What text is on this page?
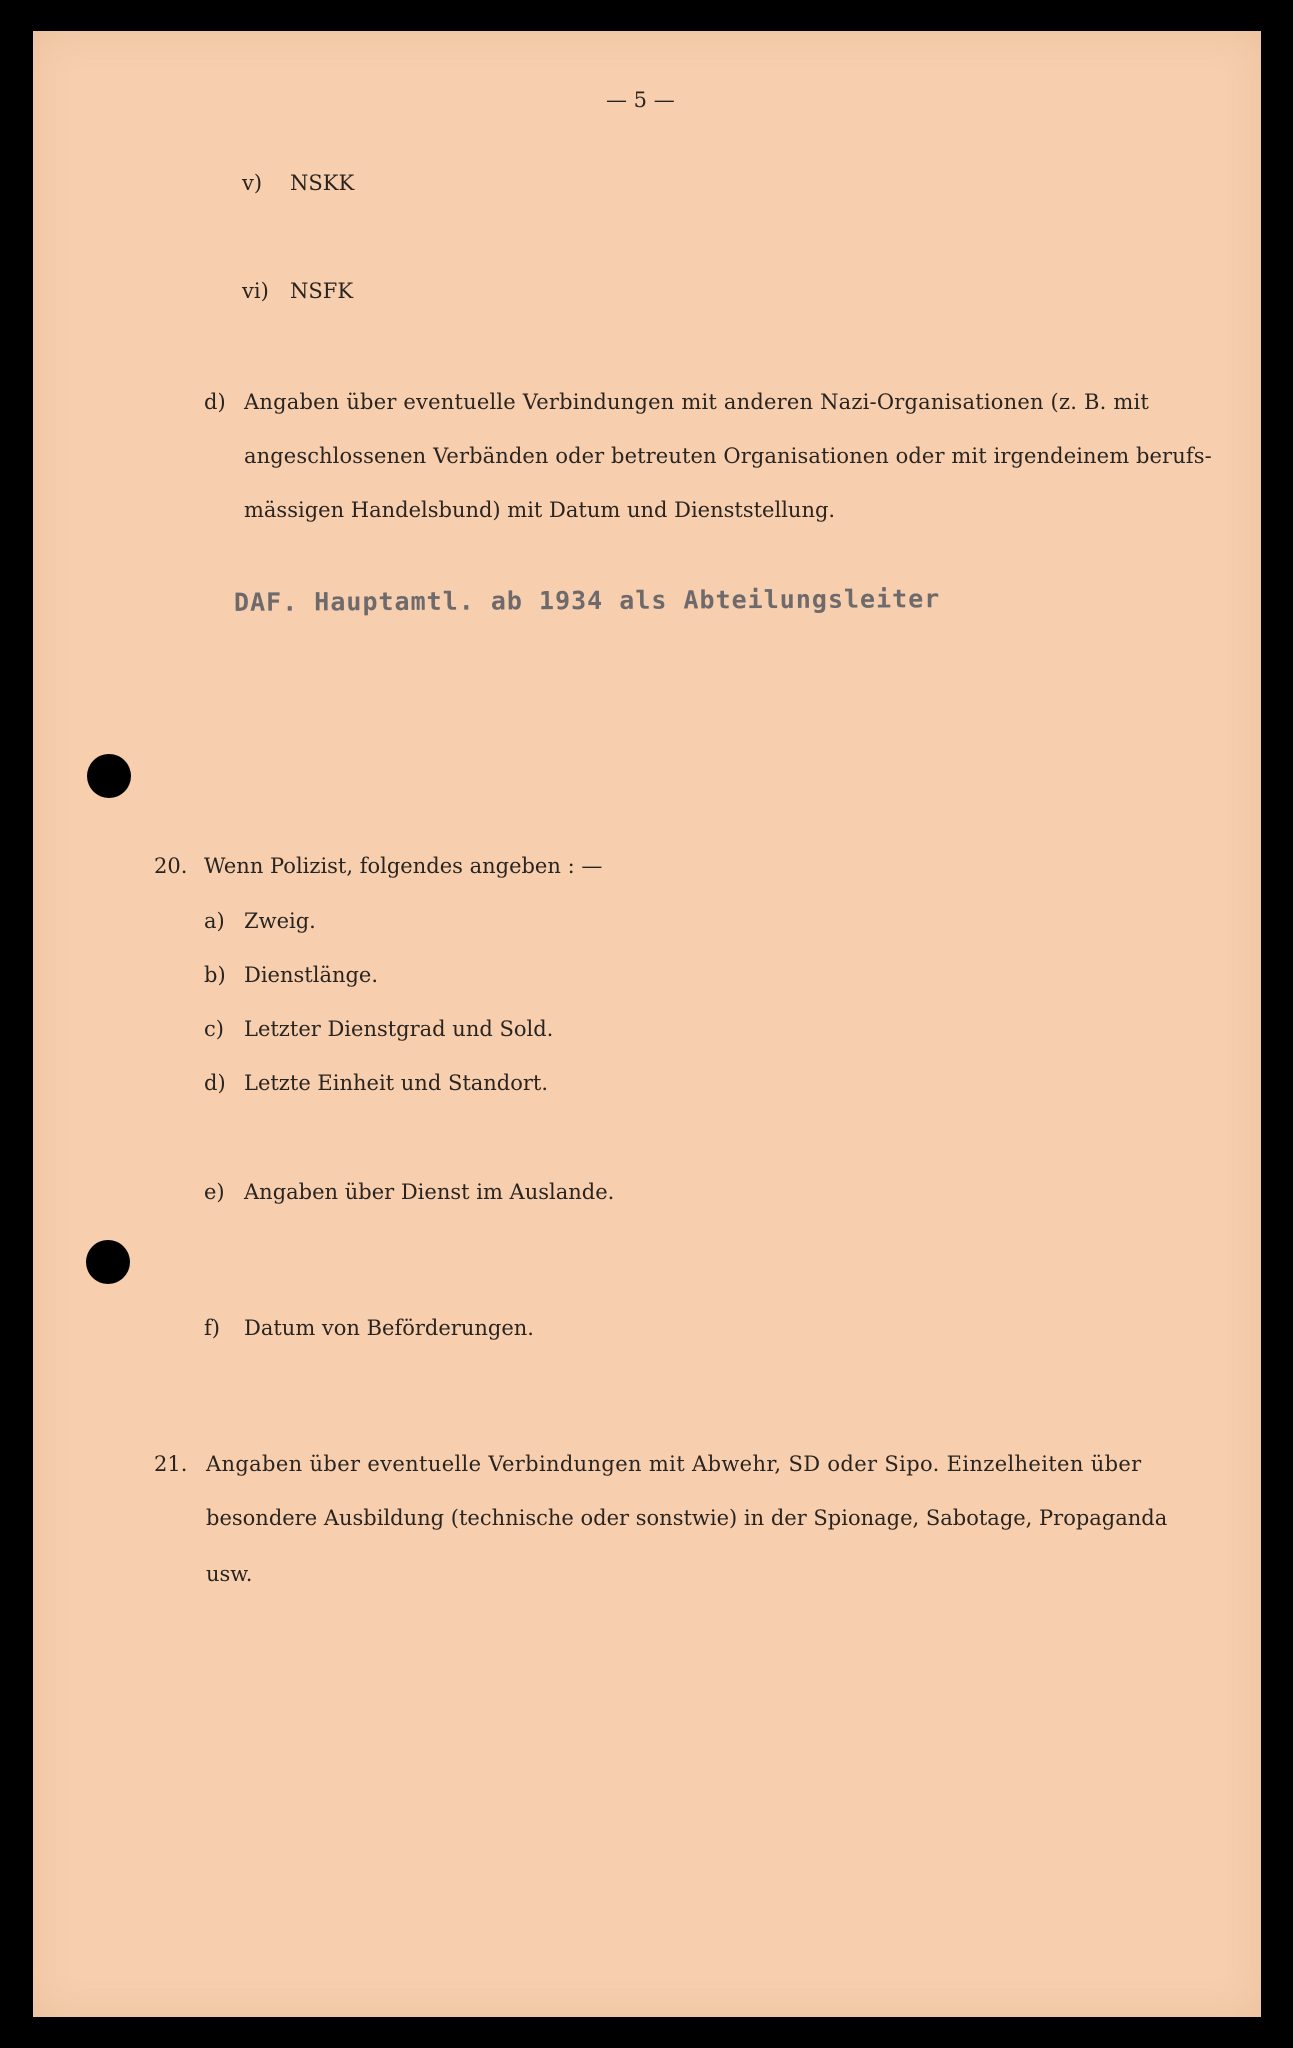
— 5 —
v) NSKK
vi) NSFK
d) Angaben über eventuelle Verbindungen mit anderen Nazi-Organisationen (z. B. mit
angeschlossenen Verbänden oder betreuten Organisationen oder mit irgendeinem berufs-
mässigen Handelsbund) mit Datum und Dienststellung.
DAF. Hauptamtl. ab 1934 als Abteilungsleiter
20. Wenn Polizist, folgendes angeben : —
a) Zweig.
b) Dienstlänge.
c) Letzter Dienstgrad und Sold.
d) Letzte Einheit und Standort.
e) Angaben über Dienst im Auslande.
f) Datum von Beförderungen.
21. Angaben über eventuelle Verbindungen mit Abwehr, SD oder Sipo. Einzelheiten über
besondere Ausbildung (technische oder sonstwie) in der Spionage, Sabotage, Propaganda
usw.
